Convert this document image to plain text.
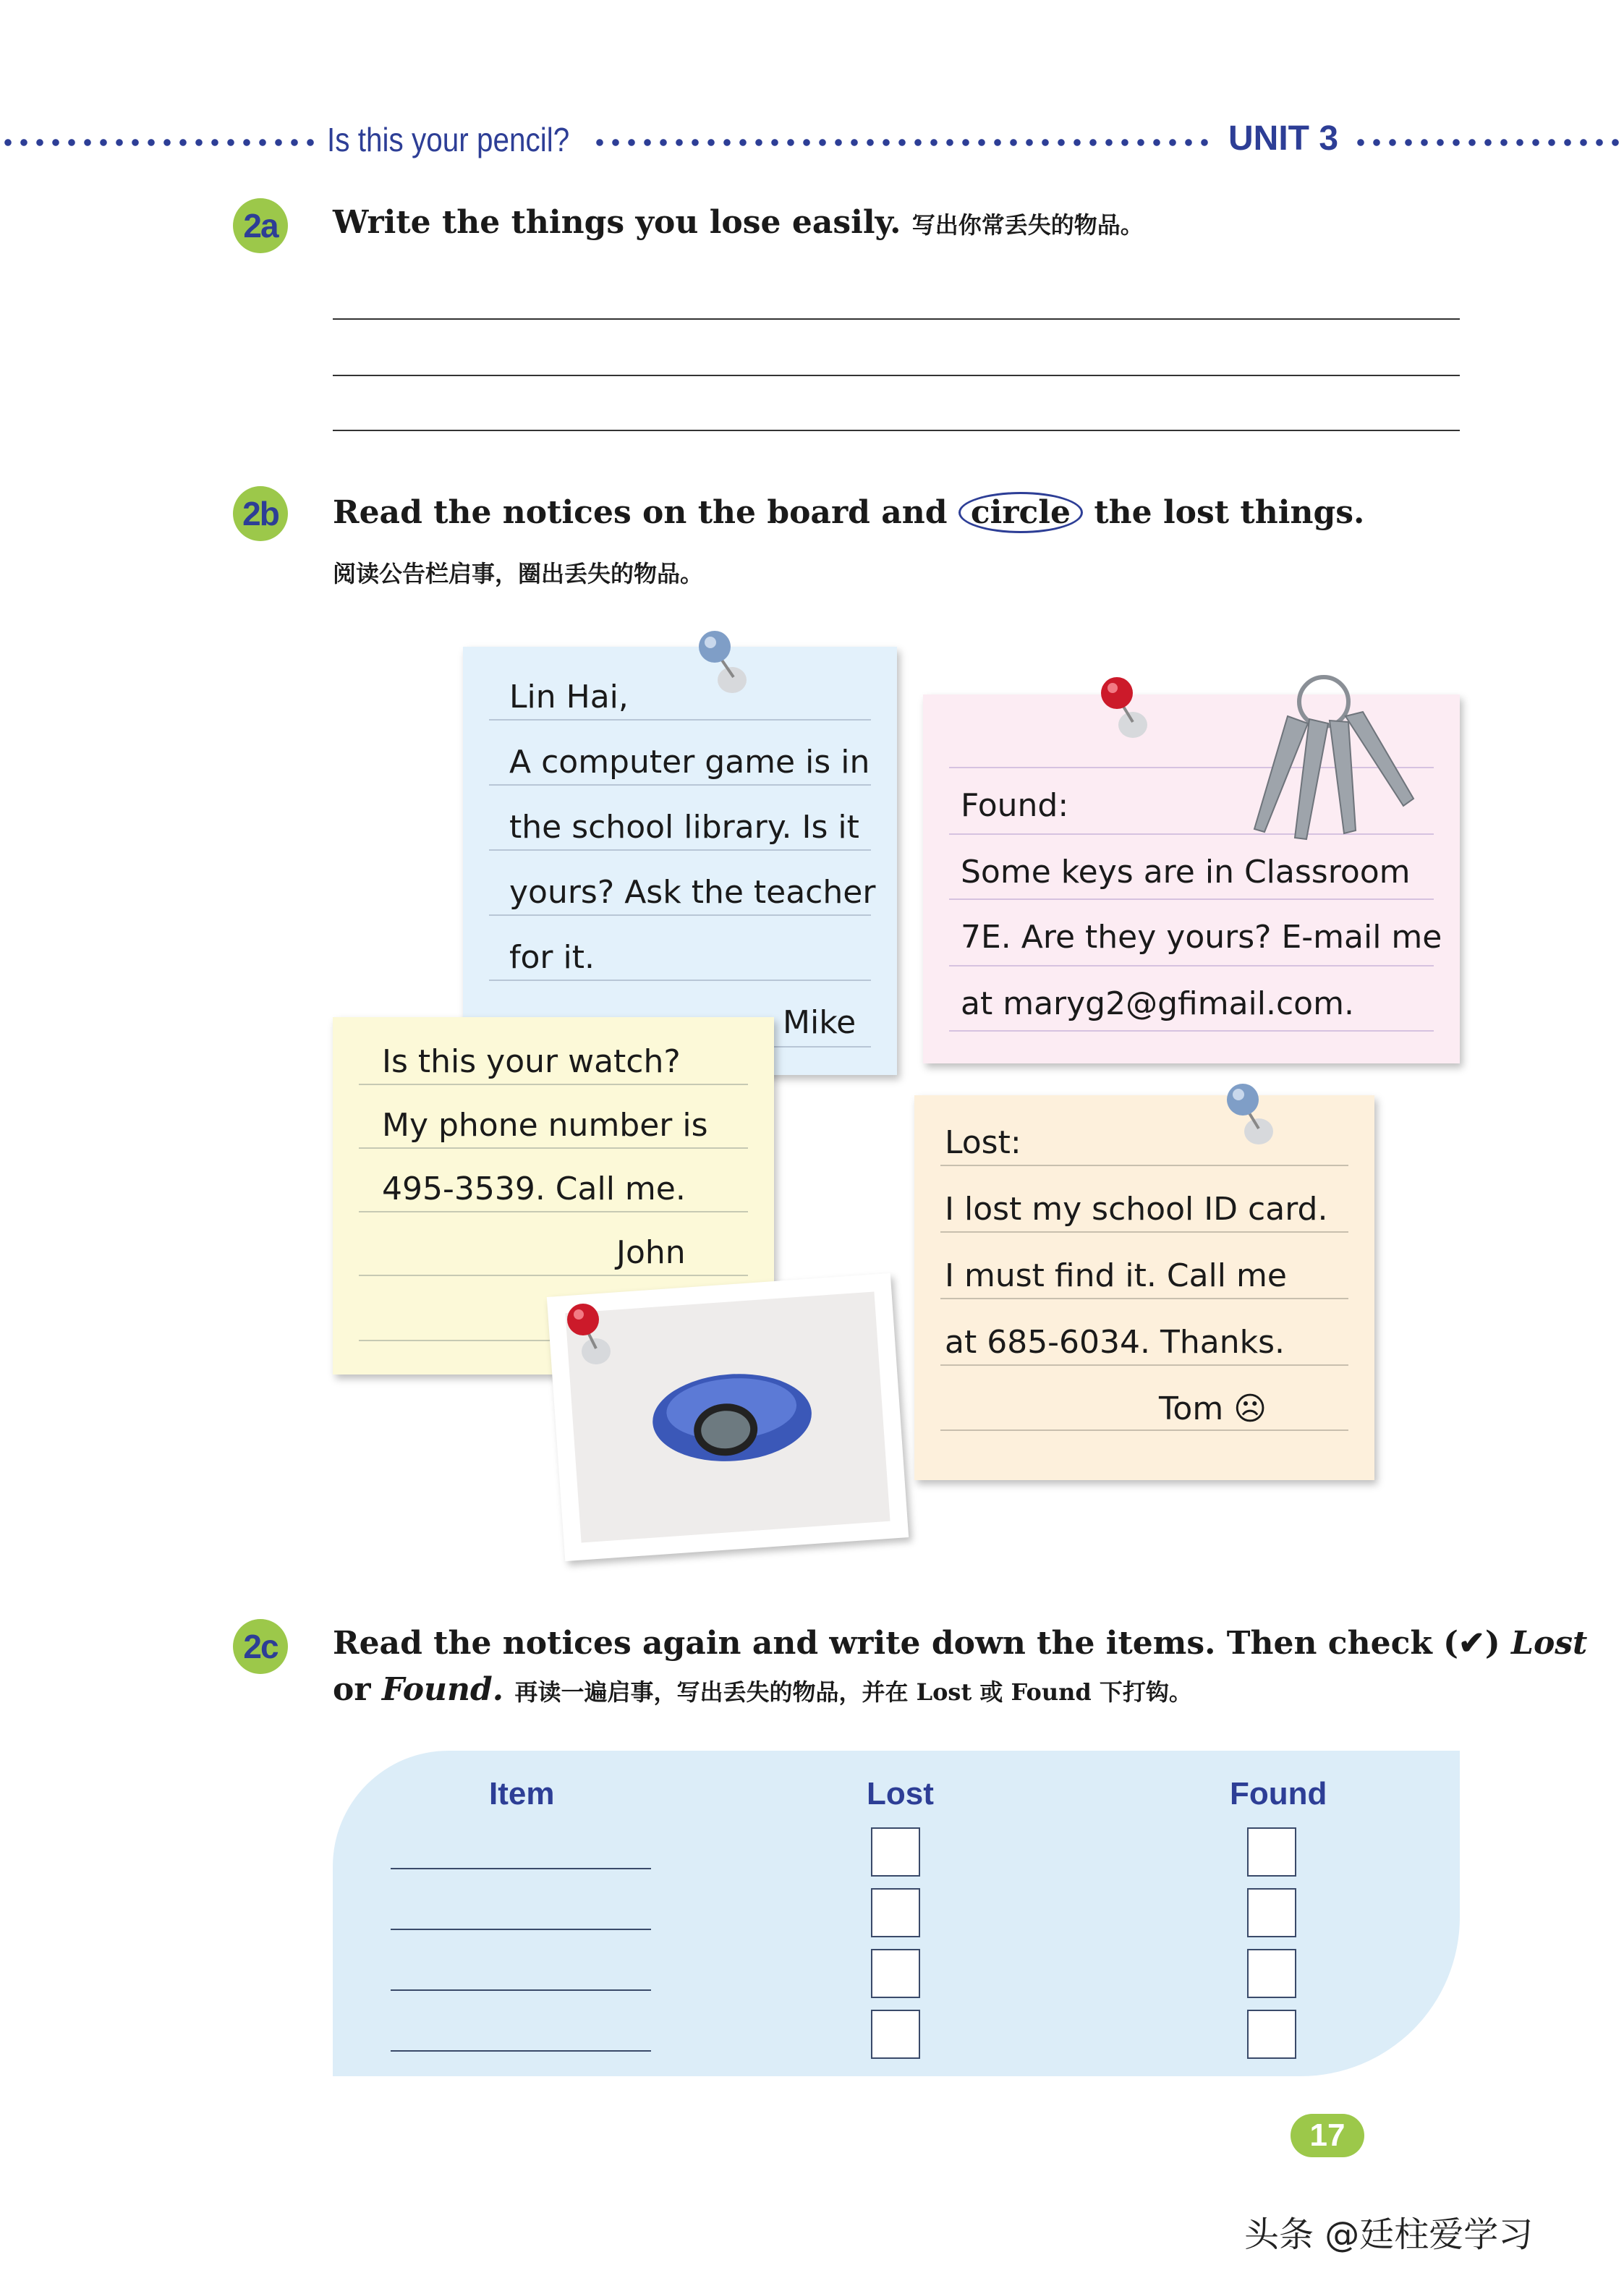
Is this your pencil?	UNIT 3
2a	Write the things you lose easily. 写出你常丢失的物品。
2b Read the notices on the board and circle the lost things.
阅读公告栏启事，圈出丢失的物品。
Lin Hai,
A computer game is in
the school library. Is it
yours? Ask the teacher
for it.
Mike
Found:
Some keys are in Classroom
7E. Are they yours? E-mail me
at maryg2@gfimail.com.
Is this your watch?
My phone number is
495-3539. Call me.
John
Lost:
I lost my school ID card.
I must find it. Call me
at 685-6034. Thanks.
Tom ☹
2c	Read the notices again and write down the items. Then check (✔) Lost
or Found. 再读一遍启事，写出丢失的物品，并在 Lost 或 Found 下打钩。
Item	Lost	Found
17
头条 @廷柱爱学习
